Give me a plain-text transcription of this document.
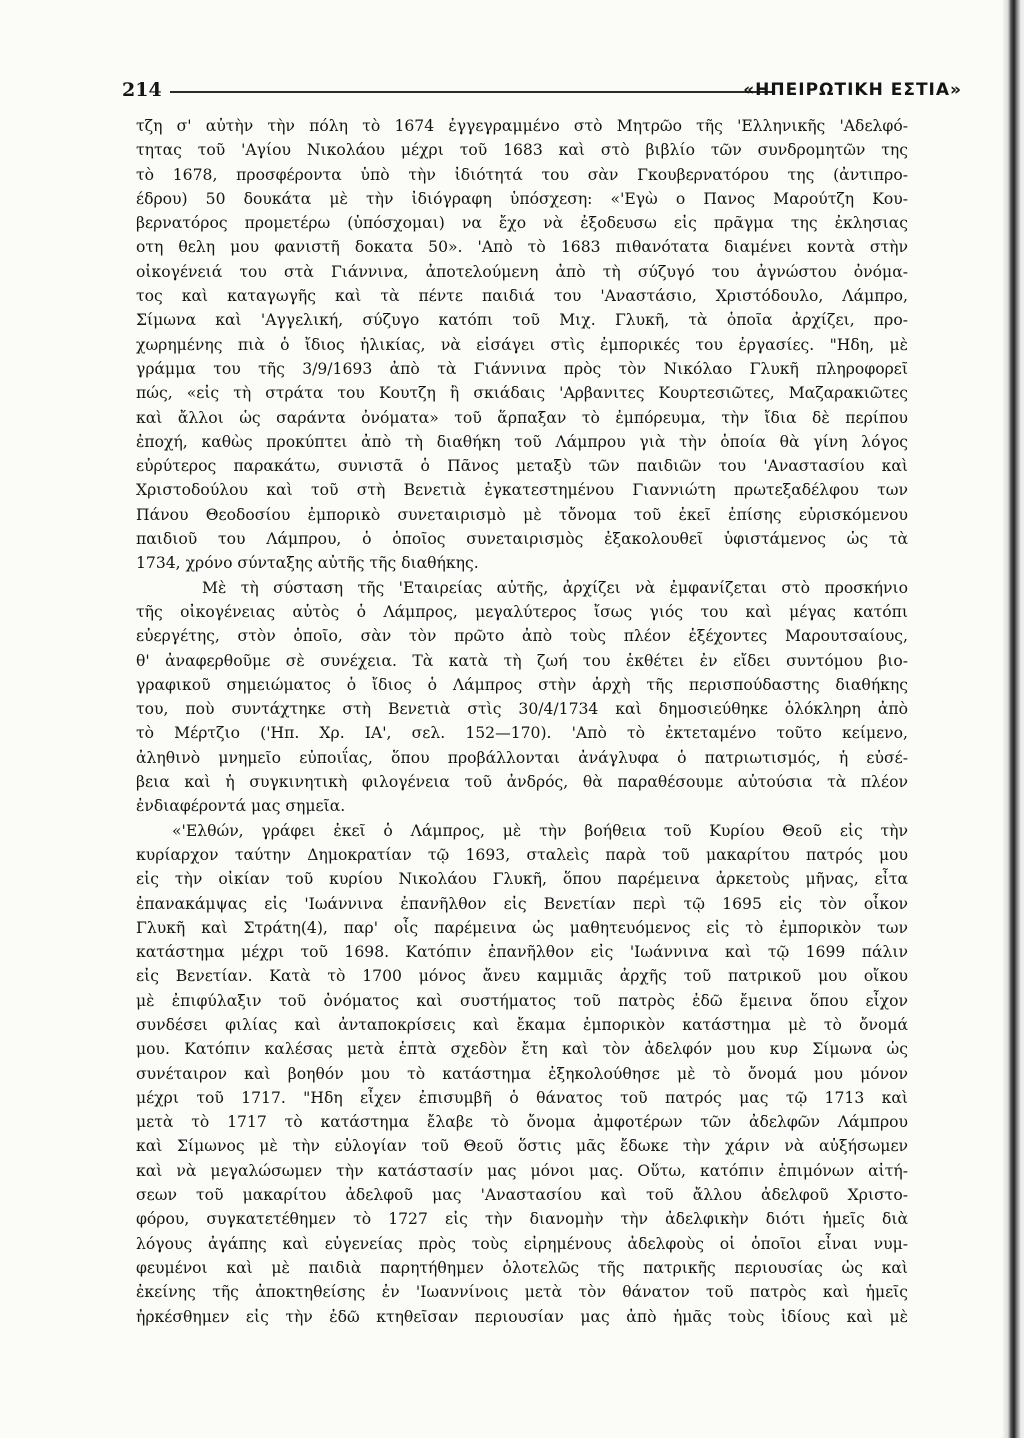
214	«ΗΠΕΙΡΩΤΙΚΗ ΕΣΤΙΑ»
τζη σ' αὐτὴν τὴν πόλη τὸ 1674 ἐγγεγραμμένο στὸ Μητρῶο τῆς 'Ελληνικῆς 'Αδελφό-
τητας τοῦ 'Αγίου Νικολάου μέχρι τοῦ 1683 καὶ στὸ βιβλίο τῶν συνδρομητῶν της
τὸ 1678, προσφέροντα ὑπὸ τὴν ἰδιότητά του σὰν Γκουβερνατόρου της (ἀντιπρο-
έδρου) 50 δουκάτα μὲ τὴν ἰδιόγραφη ὑπόσχεση: «'Εγὼ ο Πανος Μαρούτζη Κου-
βερνατόρος προμετέρω (ὑπόσχομαι) να ἔχο νὰ ἐξοδευσω εἰς πρᾶγμα της ἐκλησιας
οτη θελη μου φανιστῆ δοκατα 50». 'Απὸ τὸ 1683 πιθανότατα διαμένει κοντὰ στὴν
οἰκογένειά του στὰ Γιάννινα, ἀποτελούμενη ἀπὸ τὴ σύζυγό του ἀγνώστου ὀνόμα-
τος καὶ καταγωγῆς καὶ τὰ πέντε παιδιά του 'Αναστάσιο, Χριστόδουλο, Λάμπρο,
Σίμωνα καὶ 'Αγγελική, σύζυγο κατόπι τοῦ Μιχ. Γλυκῆ, τὰ ὁποῖα ἀρχίζει, προ-
χωρημένης πιὰ ὁ ἴδιος ἡλικίας, νὰ εἰσάγει στὶς ἐμπορικές του ἐργασίες. "Ηδη, μὲ
γράμμα του τῆς 3/9/1693 ἀπὸ τὰ Γιάννινα πρὸς τὸν Νικόλαο Γλυκῆ πληροφορεῖ
πώς, «εἰς τὴ στράτα του Κουτζη ἢ σκιάδαις 'Αρβανιτες Κουρτεσιῶτες, Μαζαρακιῶτες
καὶ ἄλλοι ὡς σαράντα ὀνόματα» τοῦ ἅρπαξαν τὸ ἐμπόρευμα, τὴν ἴδια δὲ περίπου
ἐποχή, καθὼς προκύπτει ἀπὸ τὴ διαθήκη τοῦ Λάμπρου γιὰ τὴν ὁποία θὰ γίνη λόγος
εὐρύτερος παρακάτω, συνιστᾶ ὁ Πᾶνος μεταξὺ τῶν παιδιῶν του 'Αναστασίου καὶ
Χριστοδούλου καὶ τοῦ στὴ Βενετιὰ ἐγκατεστημένου Γιαννιώτη πρωτεξαδέλφου των
Πάνου Θεοδοσίου ἐμπορικὸ συνεταιρισμὸ μὲ τὄνομα τοῦ ἐκεῖ ἐπίσης εὑρισκόμενου
παιδιοῦ του Λάμπρου, ὁ ὁποῖος συνεταιρισμὸς ἐξακολουθεῖ ὑφιστάμενος ὡς τὰ
1734, χρόνο σύνταξης αὐτῆς τῆς διαθήκης.
Μὲ τὴ σύσταση τῆς 'Εταιρείας αὐτῆς, ἀρχίζει νὰ ἐμφανίζεται στὸ προσκήνιο
τῆς οἰκογένειας αὐτὸς ὁ Λάμπρος, μεγαλύτερος ἴσως γιός του καὶ μέγας κατόπι
εὐεργέτης, στὸν ὁποῖο, σὰν τὸν πρῶτο ἀπὸ τοὺς πλέον ἐξέχοντες Μαρουτσαίους,
θ' ἀναφερθοῦμε σὲ συνέχεια. Τὰ κατὰ τὴ ζωή του ἐκθέτει ἐν εἴδει συντόμου βιο-
γραφικοῦ σημειώματος ὁ ἴδιος ὁ Λάμπρος στὴν ἀρχὴ τῆς περισπούδαστης διαθήκης
του, ποὺ συντάχτηκε στὴ Βενετιὰ στὶς 30/4/1734 καὶ δημοσιεύθηκε ὁλόκληρη ἀπὸ
τὸ Μέρτζιο ('Ηπ. Χρ. ΙΑ', σελ. 152—170). 'Απὸ τὸ ἐκτεταμένο τοῦτο κείμενο,
ἀληθινὸ μνημεῖο εὐποιΐας, ὅπου προβάλλονται ἀνάγλυφα ὁ πατριωτισμός, ἡ εὐσέ-
βεια καὶ ἡ συγκινητικὴ φιλογένεια τοῦ ἀνδρός, θὰ παραθέσουμε αὐτούσια τὰ πλέον
ἐνδιαφέροντά μας σημεῖα.
«'Ελθών, γράφει ἐκεῖ ὁ Λάμπρος, μὲ τὴν βοήθεια τοῦ Κυρίου Θεοῦ εἰς τὴν
κυρίαρχον ταύτην Δημοκρατίαν τῷ 1693, σταλεὶς παρὰ τοῦ μακαρίτου πατρός μου
εἰς τὴν οἰκίαν τοῦ κυρίου Νικολάου Γλυκῆ, ὅπου παρέμεινα ἀρκετοὺς μῆνας, εἶτα
ἐπανακάμψας εἰς 'Ιωάννινα ἐπανῆλθον εἰς Βενετίαν περὶ τῷ 1695 εἰς τὸν οἶκον
Γλυκῆ καὶ Στράτη(4), παρ' οἷς παρέμεινα ὡς μαθητευόμενος εἰς τὸ ἐμπορικὸν των
κατάστημα μέχρι τοῦ 1698. Κατόπιν ἐπανῆλθον εἰς 'Ιωάννινα καὶ τῷ 1699 πάλιν
εἰς Βενετίαν. Κατὰ τὸ 1700 μόνος ἄνευ καμμιᾶς ἀρχῆς τοῦ πατρικοῦ μου οἴκου
μὲ ἐπιφύλαξιν τοῦ ὀνόματος καὶ συστήματος τοῦ πατρὸς ἐδῶ ἔμεινα ὅπου εἶχον
συνδέσει φιλίας καὶ ἀνταποκρίσεις καὶ ἔκαμα ἐμπορικὸν κατάστημα μὲ τὸ ὄνομά
μου. Κατόπιν καλέσας μετὰ ἑπτὰ σχεδὸν ἔτη καὶ τὸν ἀδελφόν μου κυρ Σίμωνα ὡς
συνέταιρον καὶ βοηθόν μου τὸ κατάστημα ἐξηκολούθησε μὲ τὸ ὄνομά μου μόνον
μέχρι τοῦ 1717. "Ηδη εἶχεν ἐπισυμβῆ ὁ θάνατος τοῦ πατρός μας τῷ 1713 καὶ
μετὰ τὸ 1717 τὸ κατάστημα ἔλαβε τὸ ὄνομα ἀμφοτέρων τῶν ἀδελφῶν Λάμπρου
καὶ Σίμωνος μὲ τὴν εὐλογίαν τοῦ Θεοῦ ὅστις μᾶς ἔδωκε τὴν χάριν νὰ αὐξήσωμεν
καὶ νὰ μεγαλώσωμεν τὴν κατάστασίν μας μόνοι μας. Οὕτω, κατόπιν ἐπιμόνων αἰτή-
σεων τοῦ μακαρίτου ἀδελφοῦ μας 'Αναστασίου καὶ τοῦ ἄλλου ἀδελφοῦ Χριστο-
φόρου, συγκατετέθημεν τὸ 1727 εἰς τὴν διανομὴν τὴν ἀδελφικὴν διότι ἡμεῖς διὰ
λόγους ἀγάπης καὶ εὐγενείας πρὸς τοὺς εἰρημένους ἀδελφοὺς οἱ ὁποῖοι εἶναι νυμ-
φευμένοι καὶ μὲ παιδιὰ παρητήθημεν ὁλοτελῶς τῆς πατρικῆς περιουσίας ὡς καὶ
ἐκείνης τῆς ἀποκτηθείσης ἐν 'Ιωαννίνοις μετὰ τὸν θάνατον τοῦ πατρὸς καὶ ἡμεῖς
ἠρκέσθημεν εἰς τὴν ἐδῶ κτηθεῖσαν περιουσίαν μας ἀπὸ ἡμᾶς τοὺς ἰδίους καὶ μὲ
